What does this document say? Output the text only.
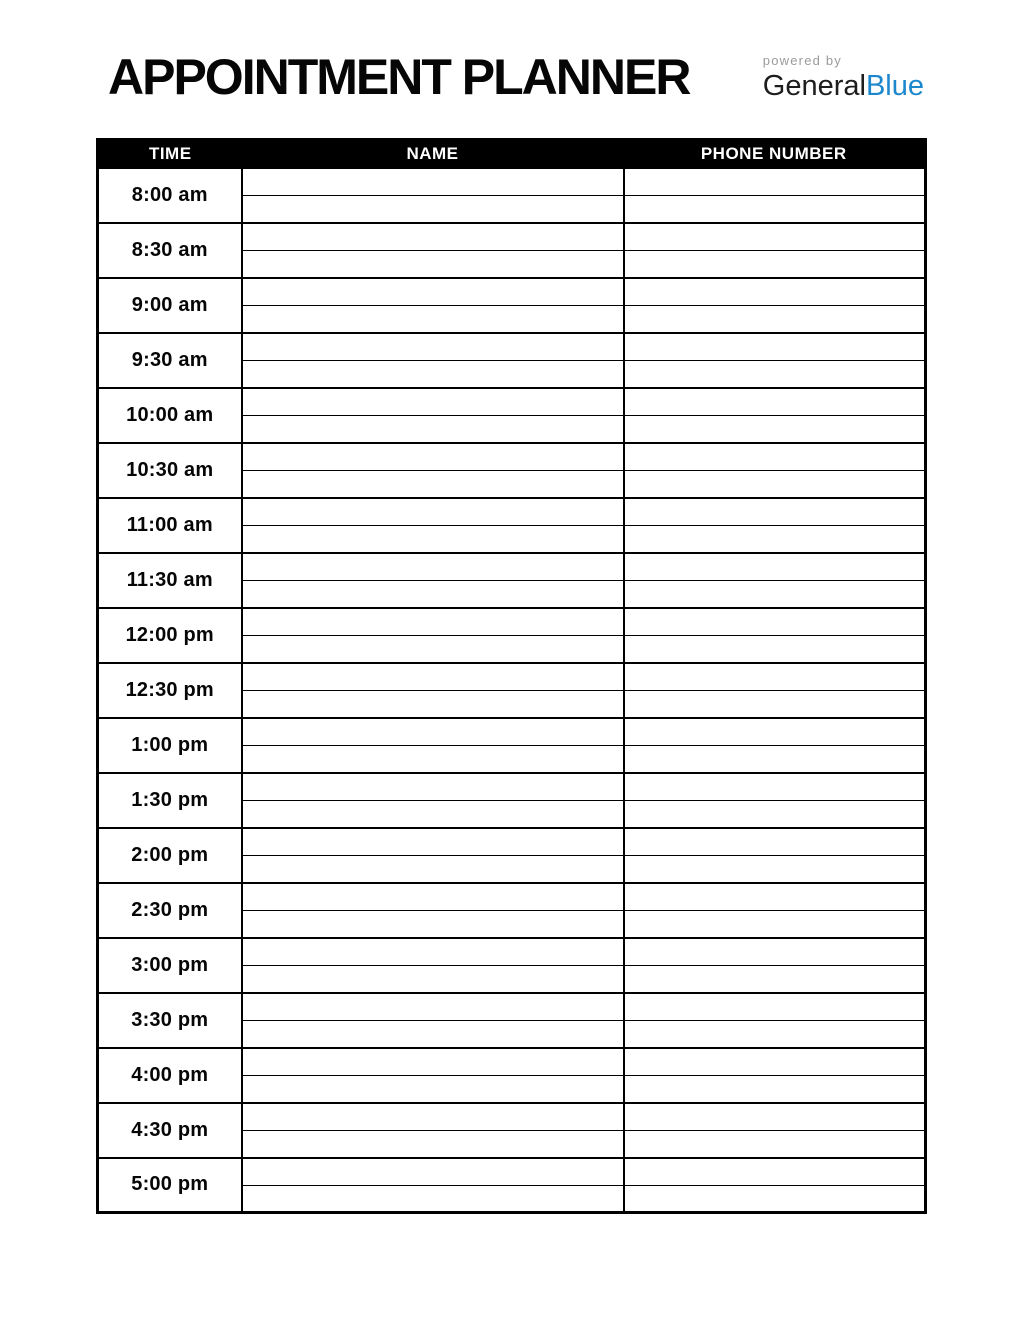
APPOINTMENT PLANNER	powered by
GeneralBlue
TIME	NAME	PHONE NUMBER
8:00 am		

8:30 am		

9:00 am		

9:30 am		

10:00 am		

10:30 am		

11:00 am		

11:30 am		

12:00 pm		

12:30 pm		

1:00 pm		

1:30 pm		

2:00 pm		

2:30 pm		

3:00 pm		

3:30 pm		

4:00 pm		

4:30 pm		

5:00 pm		
